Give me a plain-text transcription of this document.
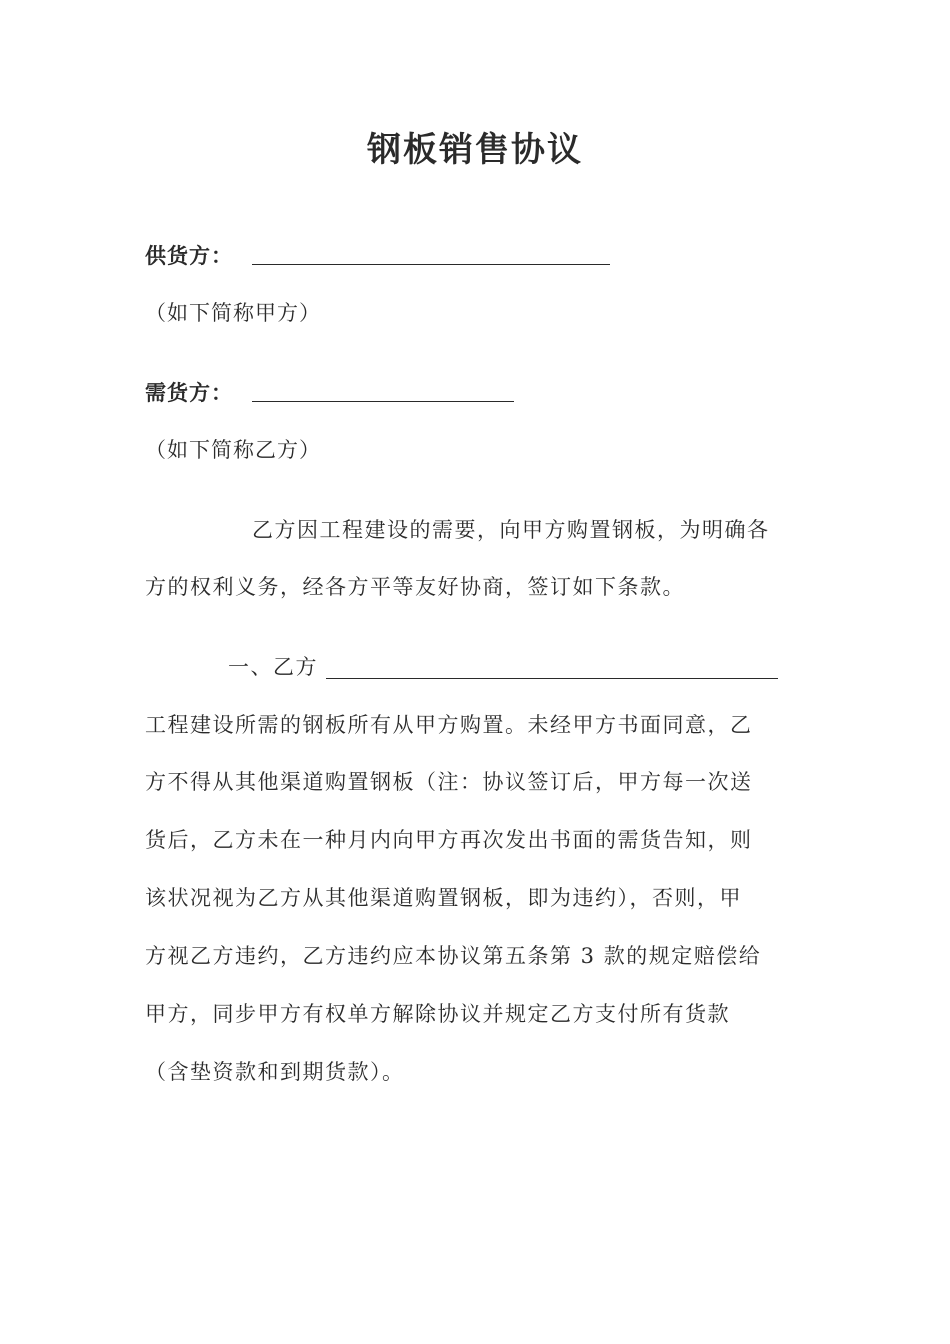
钢板销售协议
供货方：
（如下简称甲方）
需货方：
（如下简称乙方）
乙方因工程建设的需要，向甲方购置钢板，为明确各
方的权利义务，经各方平等友好协商，签订如下条款。
一、乙方
工程建设所需的钢板所有从甲方购置。未经甲方书面同意，乙
方不得从其他渠道购置钢板（注：协议签订后，甲方每一次送
货后，乙方未在一种月内向甲方再次发出书面的需货告知，则
该状况视为乙方从其他渠道购置钢板，即为违约），否则，甲
方视乙方违约，乙方违约应本协议第五条第 3 款的规定赔偿给
甲方，同步甲方有权单方解除协议并规定乙方支付所有货款
（含垫资款和到期货款）。
